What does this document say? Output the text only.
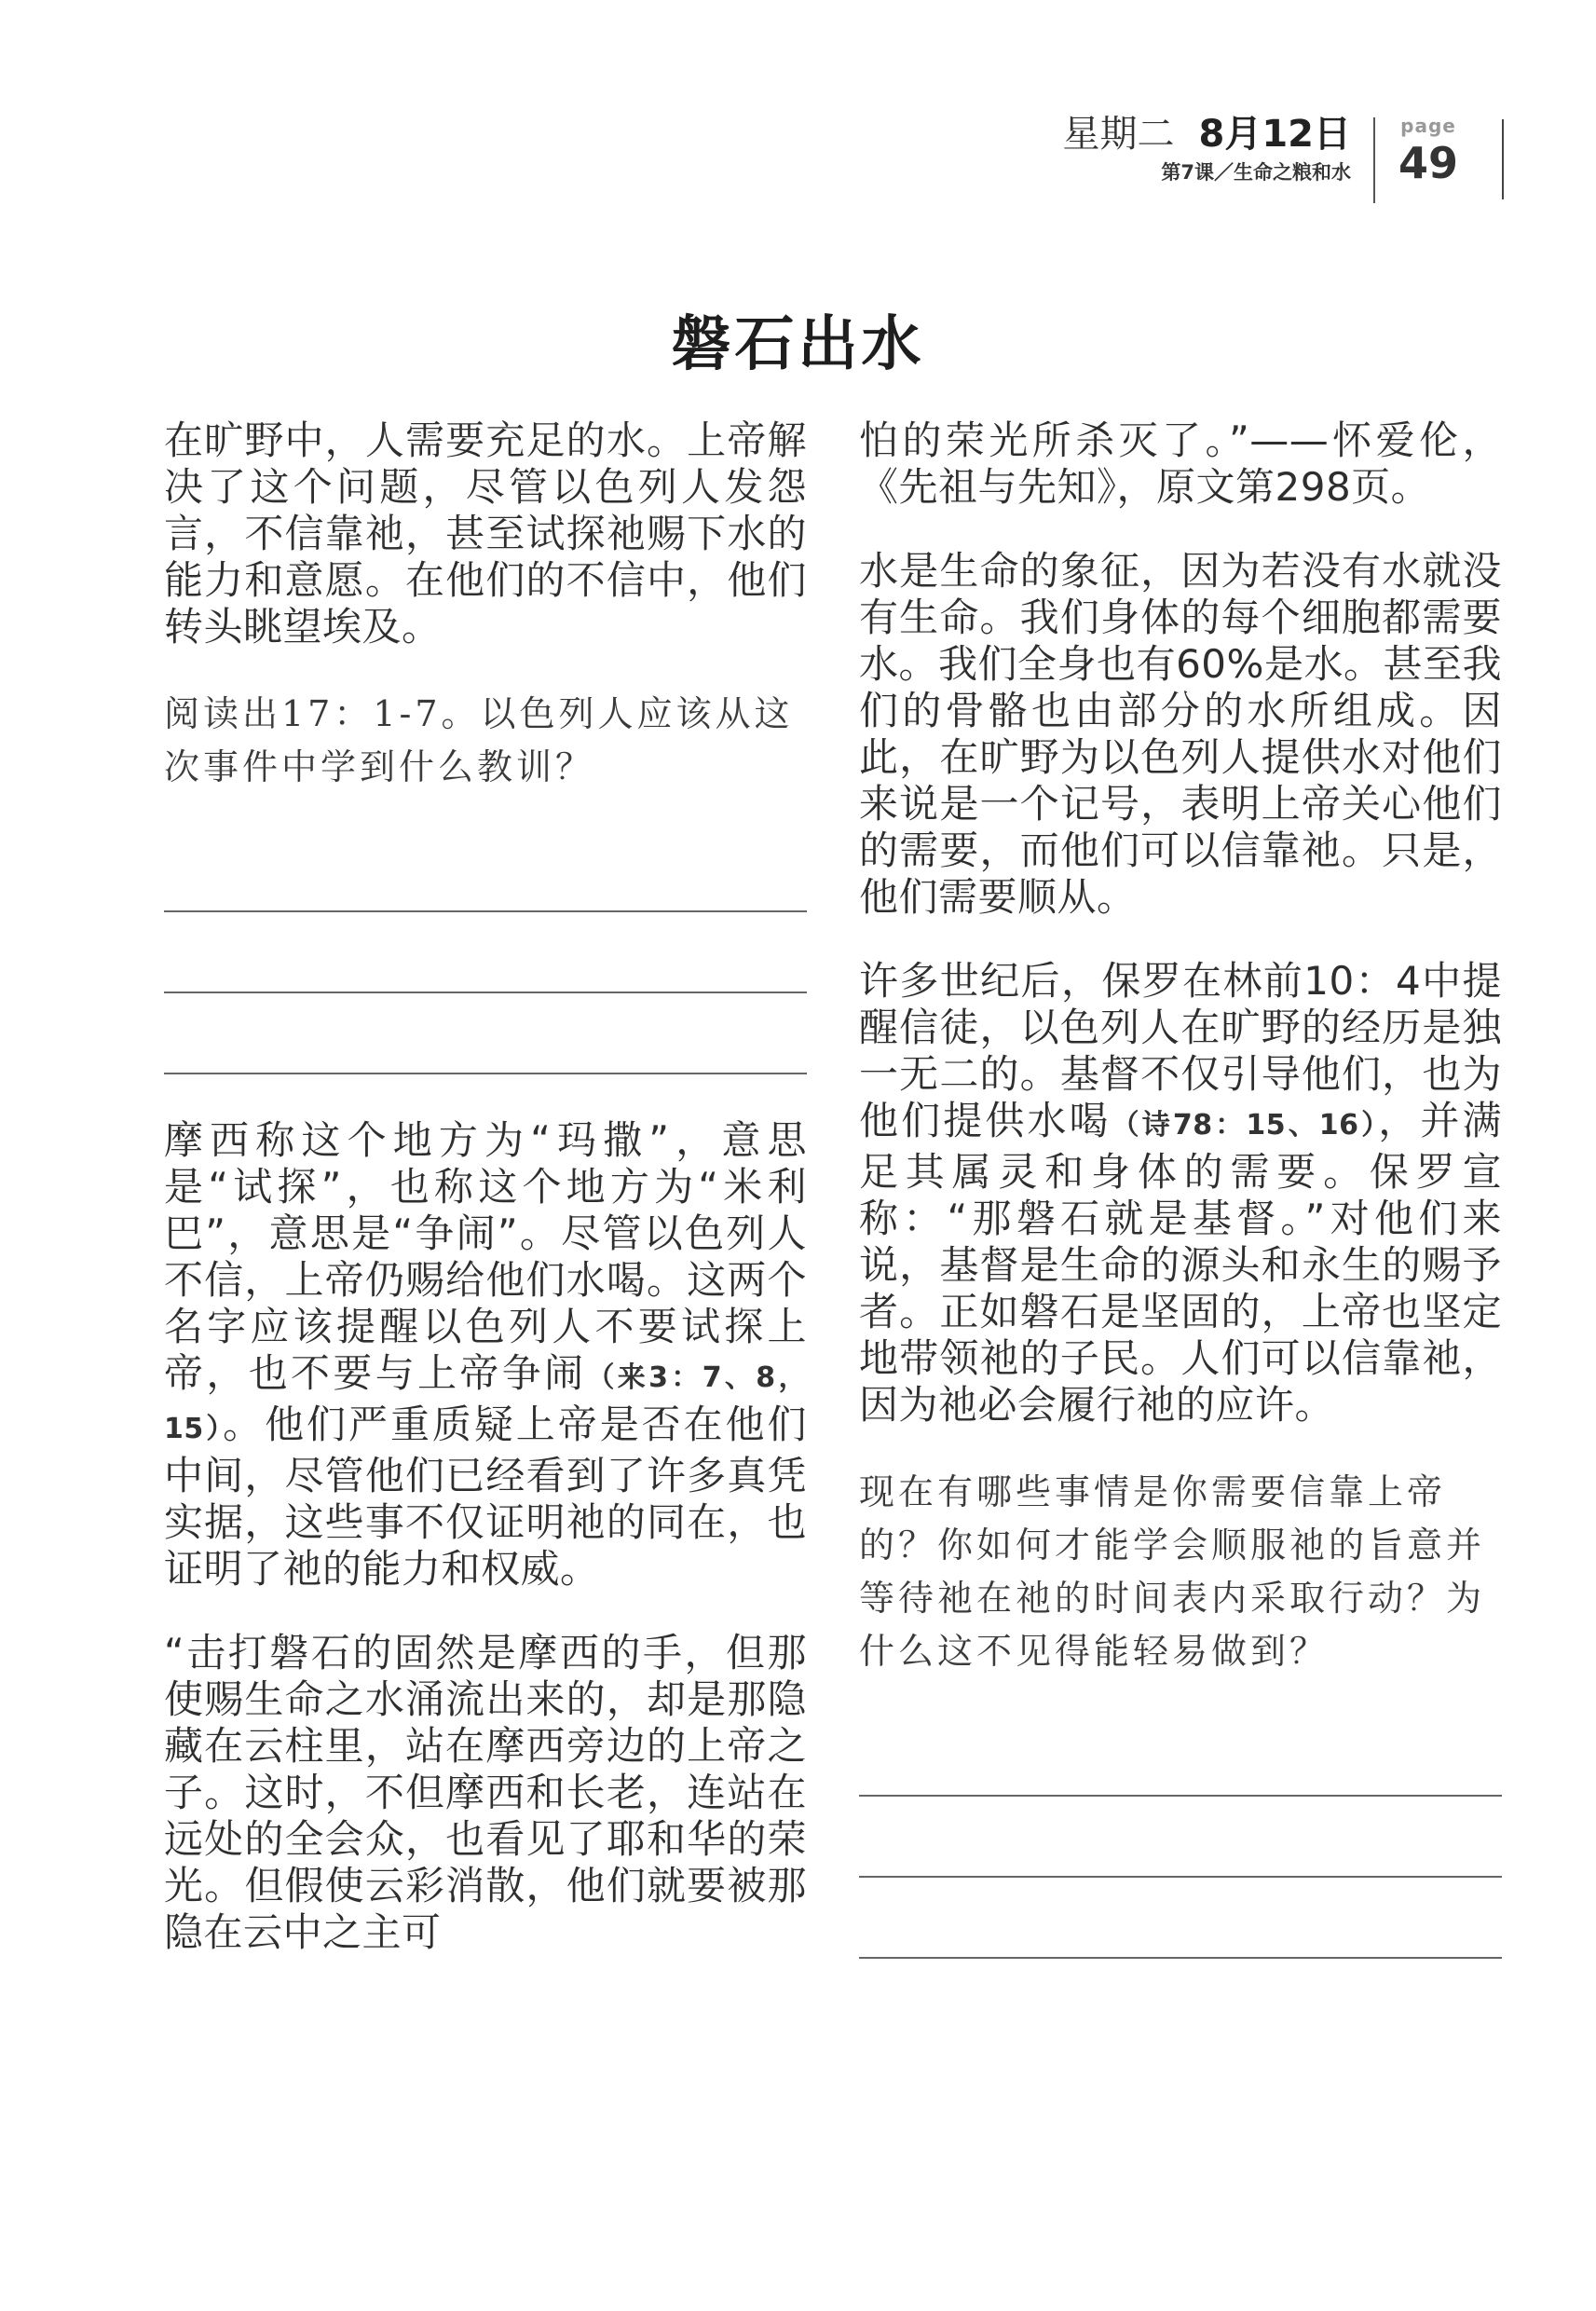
星期二 8月12日
第7课／生命之粮和水
page
49
磐石出水

在旷野中，人需要充足的水。上帝解决了这个问题，尽管以色列人发怨言，不信靠祂，甚至试探祂赐下水的能力和意愿。在他们的不信中，他们转头眺望埃及。

阅读出17：1-7。以色列人应该从这次事件中学到什么教训？

摩西称这个地方为“玛撒”，意思是“试探”，也称这个地方为“米利巴”，意思是“争闹”。尽管以色列人不信，上帝仍赐给他们水喝。这两个名字应该提醒以色列人不要试探上帝，也不要与上帝争闹（来3：7、8，15）。他们严重质疑上帝是否在他们中间，尽管他们已经看到了许多真凭实据，这些事不仅证明祂的同在，也证明了祂的能力和权威。

“击打磐石的固然是摩西的手，但那使赐生命之水涌流出来的，却是那隐藏在云柱里，站在摩西旁边的上帝之子。这时，不但摩西和长老，连站在远处的全会众，也看见了耶和华的荣光。但假使云彩消散，他们就要被那隐在云中之主可

怕的荣光所杀灭了。”——怀爱伦，《先祖与先知》，原文第298页。

水是生命的象征，因为若没有水就没有生命。我们身体的每个细胞都需要水。我们全身也有60%是水。甚至我们的骨骼也由部分的水所组成。因此，在旷野为以色列人提供水对他们来说是一个记号，表明上帝关心他们的需要，而他们可以信靠祂。只是，他们需要顺从。

许多世纪后，保罗在林前10：4中提醒信徒，以色列人在旷野的经历是独一无二的。基督不仅引导他们，也为他们提供水喝（诗78：15、16），并满足其属灵和身体的需要。保罗宣称：“那磐石就是基督。”对他们来说，基督是生命的源头和永生的赐予者。正如磐石是坚固的，上帝也坚定地带领祂的子民。人们可以信靠祂，因为祂必会履行祂的应许。

现在有哪些事情是你需要信靠上帝的？你如何才能学会顺服祂的旨意并等待祂在祂的时间表内采取行动？为什么这不见得能轻易做到？
